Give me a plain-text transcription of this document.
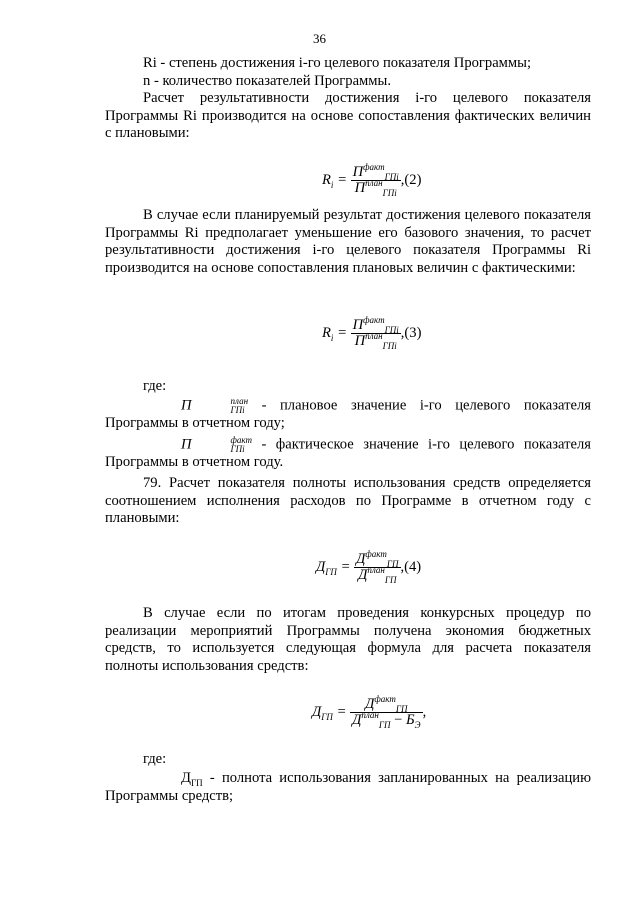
36
Ri - степень достижения i-го целевого показателя Программы;
n - количество показателей Программы.
Расчет результативности достижения i-го целевого показателя Программы Ri производится на основе сопоставления фактических величин с плановыми:
$R_i = \frac{П^{факт}_{ГПi}}{П^{план}_{ГПi}} ,(2)$
В случае если планируемый результат достижения целевого показателя Программы Ri предполагает уменьшение его базового значения, то расчет результативности достижения i-го целевого показателя Программы Ri производится на основе сопоставления плановых величин с фактическими:
$R_i = \frac{П^{факт}_{ГПi}}{П^{план}_{ГПi}} ,(3)$
где:
П	план
ГПi - плановое значение i-го целевого показателя Программы в отчетном году;
П	факт
ГПi - фактическое значение i-го целевого показателя Программы в отчетном году.
79. Расчет показателя полноты использования средств определяется соотношением исполнения расходов по Программе в отчетном году с плановыми:
$Д_{ГП} = \frac{Д^{факт}_{ГП}}{Д^{план}_{ГП}} ,(4)$
В случае если по итогам проведения конкурсных процедур по реализации мероприятий Программы получена экономия бюджетных средств, то используется следующая формула для расчета показателя полноты использования средств:
$Д_{ГП} = \frac{Д^{факт}_{ГП}}{Д^{план}_{ГП} - Б_Э}$ ,
где:
$Д_{ГП}$ - полнота использования запланированных на реализацию Программы средств;
